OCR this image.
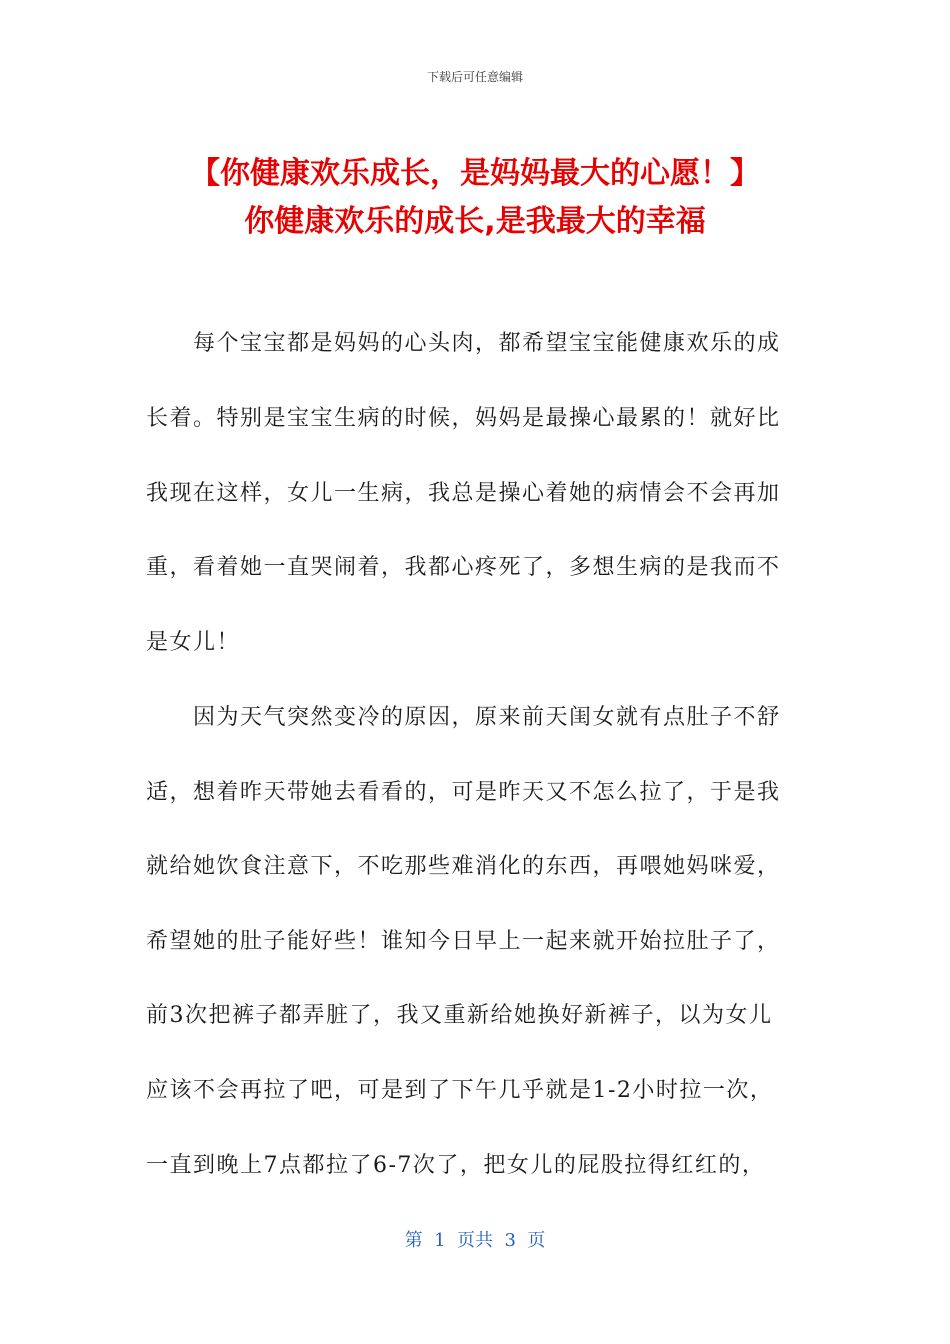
下载后可任意编辑
【你健康欢乐成长，是妈妈最大的心愿！】
你健康欢乐的成长,是我最大的幸福
每个宝宝都是妈妈的心头肉，都希望宝宝能健康欢乐的成
长着。特别是宝宝生病的时候，妈妈是最操心最累的！就好比
我现在这样，女儿一生病，我总是操心着她的病情会不会再加
重，看着她一直哭闹着，我都心疼死了，多想生病的是我而不
是女儿！
因为天气突然变冷的原因，原来前天闺女就有点肚子不舒
适，想着昨天带她去看看的，可是昨天又不怎么拉了，于是我
就给她饮食注意下，不吃那些难消化的东西，再喂她妈咪爱，
希望她的肚子能好些！谁知今日早上一起来就开始拉肚子了，
前3次把裤子都弄脏了，我又重新给她换好新裤子，以为女儿
应该不会再拉了吧，可是到了下午几乎就是1-2小时拉一次，
一直到晚上7点都拉了6-7次了，把女儿的屁股拉得红红的，
第  1  页共  3  页
